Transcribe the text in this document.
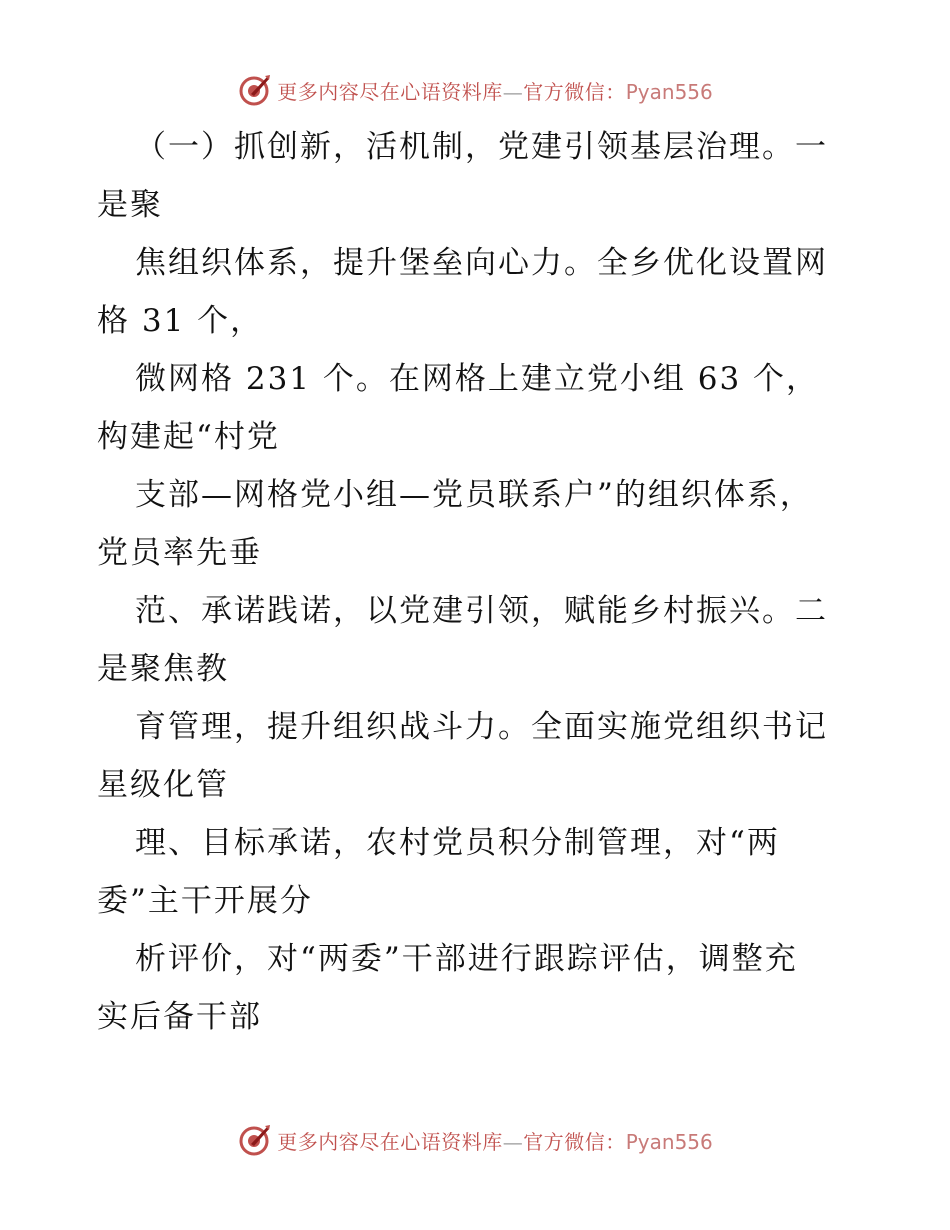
更多内容尽在心语资料库—官方微信：Pyan556
（一）抓创新，活机制，党建引领基层治理。一
是聚
焦组织体系，提升堡垒向心力。全乡优化设置网
格 31 个，
微网格 231 个。在网格上建立党小组 63 个，
构建起“村党
支部—网格党小组—党员联系户”的组织体系，
党员率先垂
范、承诺践诺，以党建引领，赋能乡村振兴。二
是聚焦教
育管理，提升组织战斗力。全面实施党组织书记
星级化管
理、目标承诺，农村党员积分制管理，对“两
委”主干开展分
析评价，对“两委”干部进行跟踪评估，调整充
实后备干部
更多内容尽在心语资料库—官方微信：Pyan556
